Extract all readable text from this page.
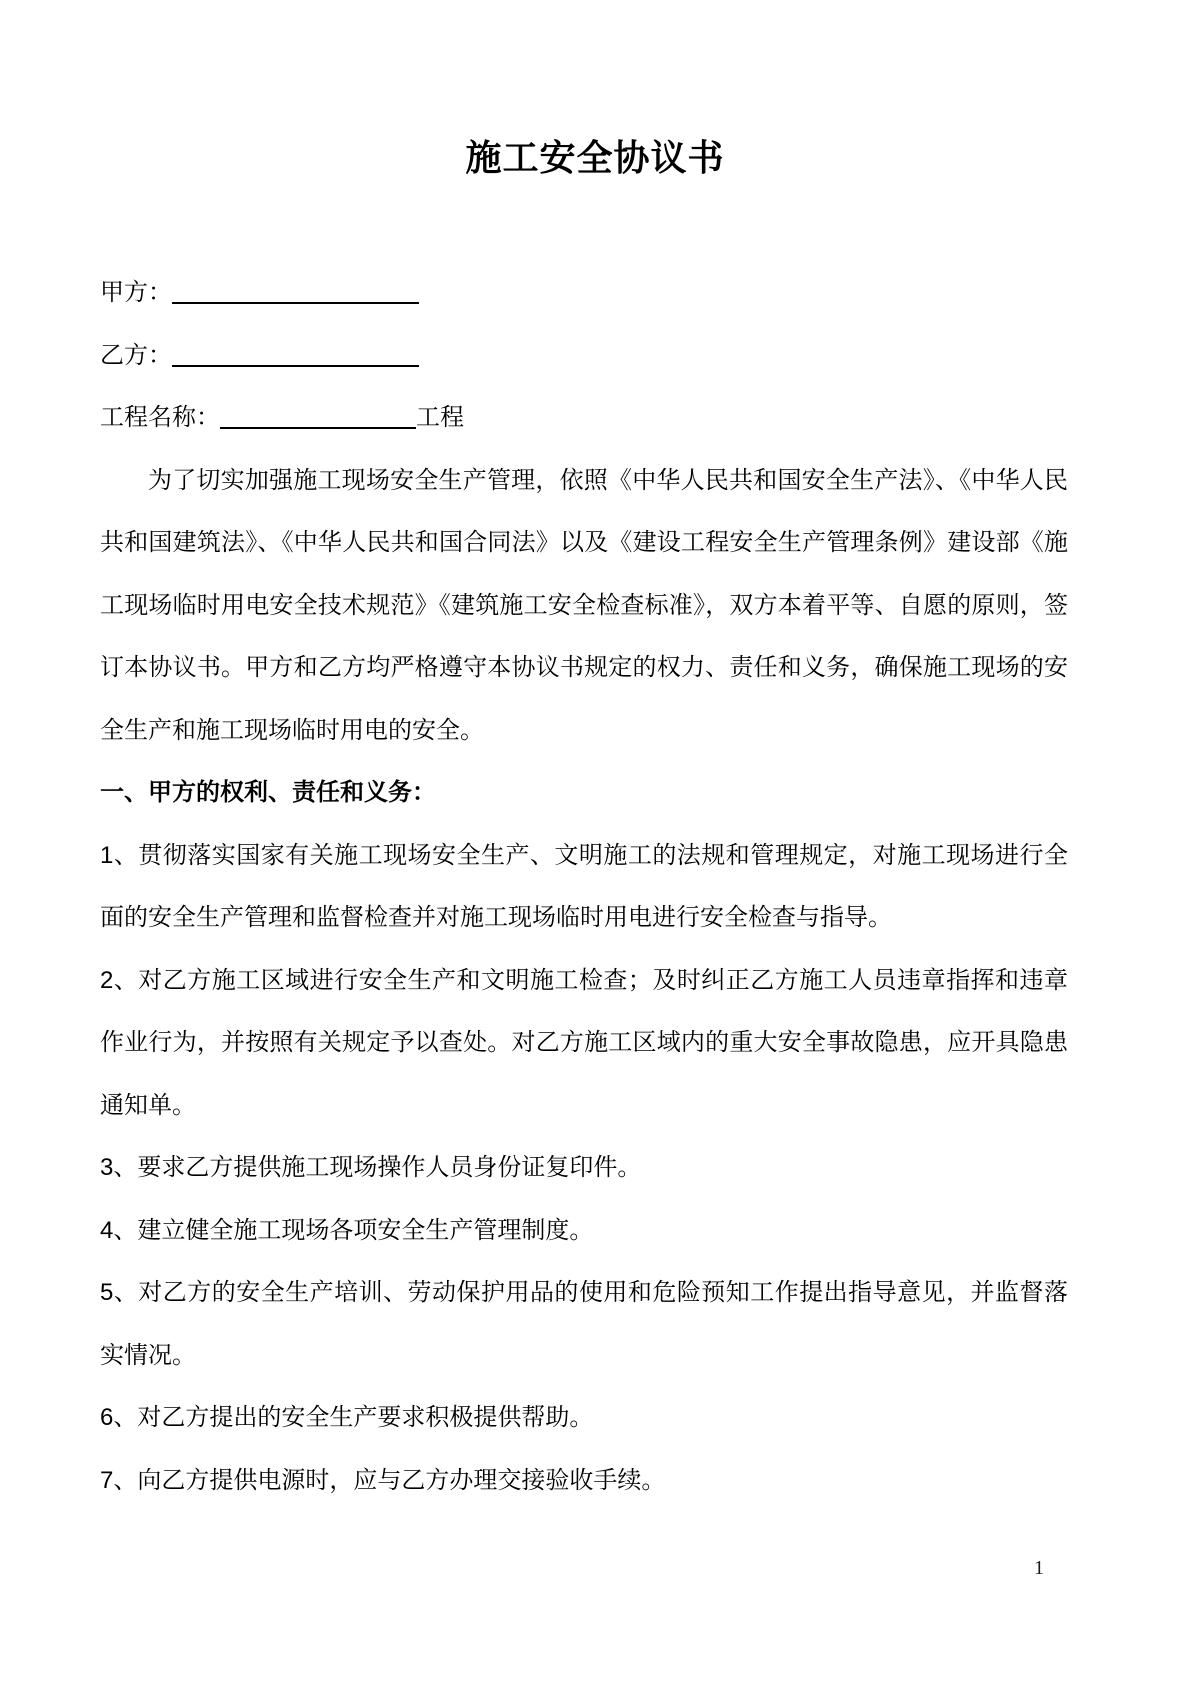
施工安全协议书

甲方：

乙方：

工程名称：	工程

为了切实加强施工现场安全生产管理，依照《中华人民共和国安全生产法》、《中华人民共和国建筑法》、《中华人民共和国合同法》以及《建设工程安全生产管理条例》建设部《施工现场临时用电安全技术规范》《建筑施工安全检查标准》，双方本着平等、自愿的原则，签订本协议书。甲方和乙方均严格遵守本协议书规定的权力、责任和义务，确保施工现场的安全生产和施工现场临时用电的安全。

一、甲方的权利、责任和义务：

1、贯彻落实国家有关施工现场安全生产、文明施工的法规和管理规定，对施工现场进行全面的安全生产管理和监督检查并对施工现场临时用电进行安全检查与指导。

2、对乙方施工区域进行安全生产和文明施工检查；及时纠正乙方施工人员违章指挥和违章作业行为，并按照有关规定予以查处。对乙方施工区域内的重大安全事故隐患，应开具隐患通知单。

3、要求乙方提供施工现场操作人员身份证复印件。

4、建立健全施工现场各项安全生产管理制度。

5、对乙方的安全生产培训、劳动保护用品的使用和危险预知工作提出指导意见，并监督落实情况。

6、对乙方提出的安全生产要求积极提供帮助。

7、向乙方提供电源时，应与乙方办理交接验收手续。

1
